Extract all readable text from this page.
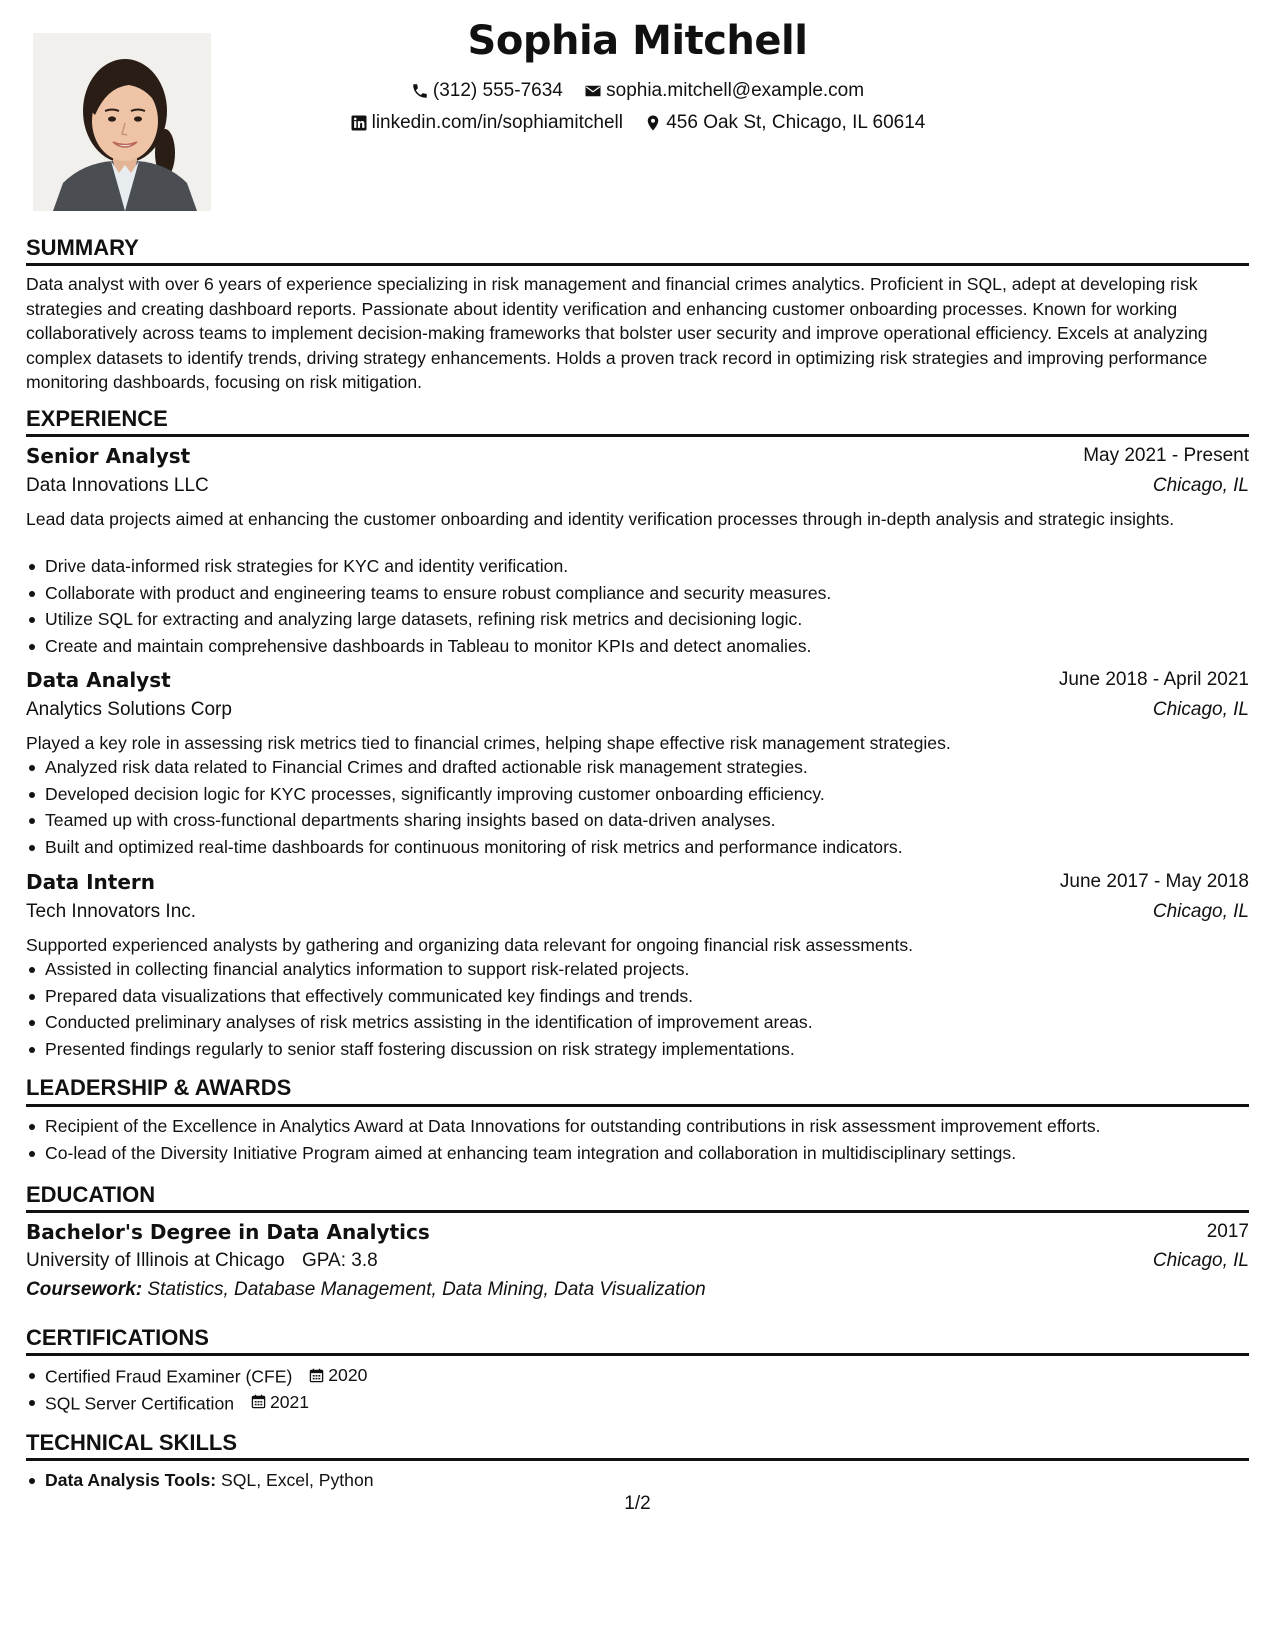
Sophia Mitchell
(312) 555-7634
sophia.mitchell@example.com
linkedin.com/in/sophiamitchell
456 Oak St, Chicago, IL 60614
SUMMARY
Data analyst with over 6 years of experience specializing in risk management and financial crimes analytics. Proficient in SQL, adept at developing risk strategies and creating dashboard reports. Passionate about identity verification and enhancing customer onboarding processes. Known for working collaboratively across teams to implement decision-making frameworks that bolster user security and improve operational efficiency. Excels at analyzing complex datasets to identify trends, driving strategy enhancements. Holds a proven track record in optimizing risk strategies and improving performance monitoring dashboards, focusing on risk mitigation.
EXPERIENCE
Senior Analyst	May 2021 - Present
Data Innovations LLC	Chicago, IL
Lead data projects aimed at enhancing the customer onboarding and identity verification processes through in-depth analysis and strategic insights.
Drive data-informed risk strategies for KYC and identity verification.
Collaborate with product and engineering teams to ensure robust compliance and security measures.
Utilize SQL for extracting and analyzing large datasets, refining risk metrics and decisioning logic.
Create and maintain comprehensive dashboards in Tableau to monitor KPIs and detect anomalies.
Data Analyst	June 2018 - April 2021
Analytics Solutions Corp	Chicago, IL
Played a key role in assessing risk metrics tied to financial crimes, helping shape effective risk management strategies.
Analyzed risk data related to Financial Crimes and drafted actionable risk management strategies.
Developed decision logic for KYC processes, significantly improving customer onboarding efficiency.
Teamed up with cross-functional departments sharing insights based on data-driven analyses.
Built and optimized real-time dashboards for continuous monitoring of risk metrics and performance indicators.
Data Intern	June 2017 - May 2018
Tech Innovators Inc.	Chicago, IL
Supported experienced analysts by gathering and organizing data relevant for ongoing financial risk assessments.
Assisted in collecting financial analytics information to support risk-related projects.
Prepared data visualizations that effectively communicated key findings and trends.
Conducted preliminary analyses of risk metrics assisting in the identification of improvement areas.
Presented findings regularly to senior staff fostering discussion on risk strategy implementations.
LEADERSHIP & AWARDS
Recipient of the Excellence in Analytics Award at Data Innovations for outstanding contributions in risk assessment improvement efforts.
Co-lead of the Diversity Initiative Program aimed at enhancing team integration and collaboration in multidisciplinary settings.
EDUCATION
Bachelor's Degree in Data Analytics	2017
University of Illinois at Chicago GPA: 3.8	Chicago, IL
Coursework: Statistics, Database Management, Data Mining, Data Visualization
CERTIFICATIONS
Certified Fraud Examiner (CFE) 2020
SQL Server Certification 2021
TECHNICAL SKILLS
Data Analysis Tools: SQL, Excel, Python
1/2
